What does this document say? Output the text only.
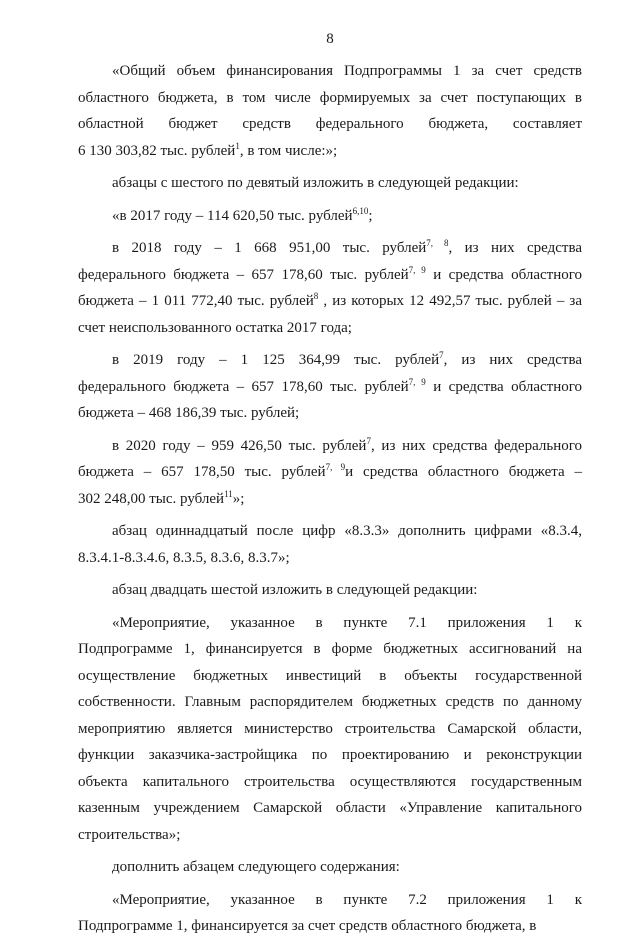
8
«Общий объем финансирования Подпрограммы 1 за счет средств
областного бюджета, в том числе формируемых за счет поступающих в
областной бюджет средств федерального бюджета, составляет
6 130 303,82 тыс. рублей$^1$, в том числе:»;
абзацы с шестого по девятый изложить в следующей редакции:
«в 2017 году – 114 620,50 тыс. рублей$^{6,10}$;
в 2018 году – 1 668 951,00 тыс. рублей$^{7, 8}$, из них средства
федерального бюджета – 657 178,60 тыс. рублей$^{7, 9}$ и средства областного
бюджета – 1 011 772,40 тыс. рублей$^8$ , из которых 12 492,57 тыс. рублей – за
счет неиспользованного остатка 2017 года;
в 2019 году – 1 125 364,99 тыс. рублей$^7$, из них средства
федерального бюджета – 657 178,60 тыс. рублей$^{7, 9}$ и средства областного
бюджета – 468 186,39 тыс. рублей;
в 2020 году – 959 426,50 тыс. рублей$^7$, из них средства федерального
бюджета – 657 178,50 тыс. рублей$^{7, 9}$и средства областного бюджета –
302 248,00 тыс. рублей$^{11}$»;
абзац одиннадцатый после цифр «8.3.3» дополнить цифрами «8.3.4,
8.3.4.1-8.3.4.6, 8.3.5, 8.3.6, 8.3.7»;
абзац двадцать шестой изложить в следующей редакции:
«Мероприятие, указанное в пункте 7.1 приложения 1 к
Подпрограмме 1, финансируется в форме бюджетных ассигнований на
осуществление бюджетных инвестиций в объекты государственной
собственности. Главным распорядителем бюджетных средств по данному
мероприятию является министерство строительства Самарской области,
функции заказчика-застройщика по проектированию и реконструкции
объекта капитального строительства осуществляются государственным
казенным учреждением Самарской области «Управление капитального
строительства»;
дополнить абзацем следующего содержания:
«Мероприятие, указанное в пункте 7.2 приложения 1 к
Подпрограмме 1, финансируется за счет средств областного бюджета, в
